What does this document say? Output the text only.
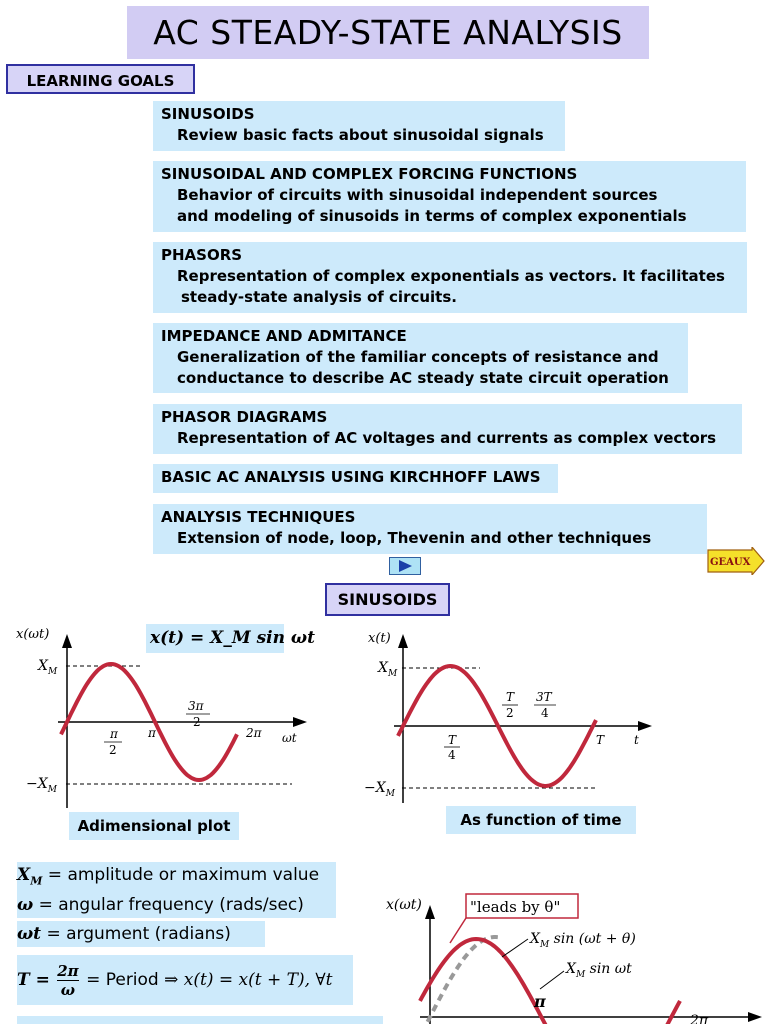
AC STEADY-STATE ANALYSIS
LEARNING GOALS
SINUSOIDS
Review basic facts about sinusoidal signals
SINUSOIDAL AND COMPLEX FORCING FUNCTIONS
Behavior of circuits with sinusoidal independent sources
and modeling of sinusoids in terms of complex exponentials
PHASORS
Representation of complex exponentials as vectors. It facilitates
steady-state analysis of circuits.
IMPEDANCE AND ADMITANCE
Generalization of the familiar concepts of resistance and
conductance to describe AC steady state circuit operation
PHASOR DIAGRAMS
Representation of AC voltages and currents as complex vectors
BASIC AC ANALYSIS USING KIRCHHOFF LAWS
ANALYSIS TECHNIQUES
Extension of node, loop, Thevenin and other techniques
GEAUX
SINUSOIDS
x(t) = X_M sin ωt
x(ωt)
$X_M$
$-X_M$
π
2
π
3π
2
2π ωt
Adimensional plot
x(t)
$X_M$
$-X_M$
T
4
T
2
3T
4
T t
As function of time
$X_M$ = amplitude or maximum value
ω = angular frequency (rads/sec)
ωt = argument (radians)
$T = \frac{2\pi}{\omega}$ = Period ⇒ x(t) = x(t + T), ∀t
x(ωt)	"leads by θ"
$X_M$ sin (ωt + θ)
$X_M$ sin ωt
π
2π
